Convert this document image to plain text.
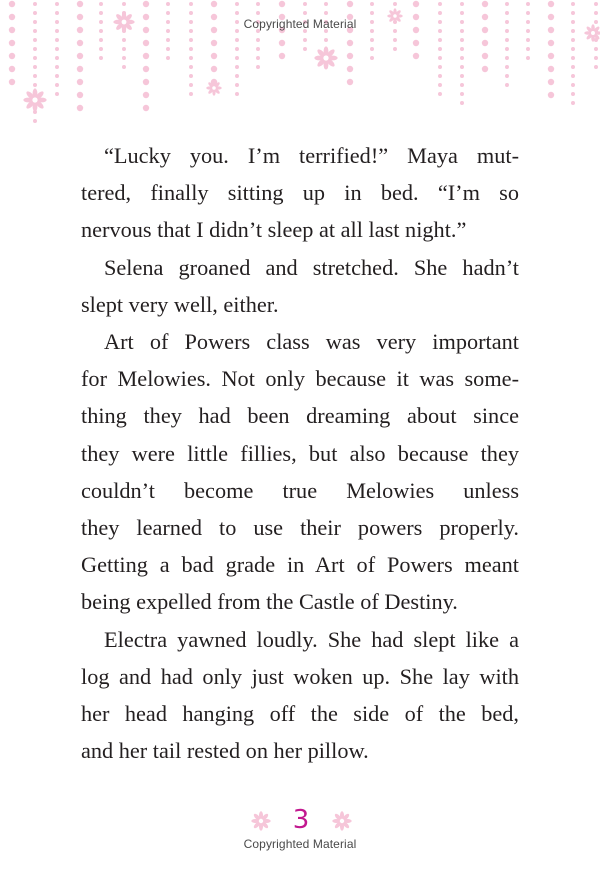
Copyrighted Material

“Lucky you. I’m terrified!” Maya mut-
tered, finally sitting up in bed. “I’m so
nervous that I didn’t sleep at all last night.”

Selena groaned and stretched. She hadn’t
slept very well, either.

Art of Powers class was very important
for Melowies. Not only because it was some-
thing they had been dreaming about since
they were little fillies, but also because they
couldn’t become true Melowies unless
they learned to use their powers properly.
Getting a bad grade in Art of Powers meant
being expelled from the Castle of Destiny.

Electra yawned loudly. She had slept like a
log and had only just woken up. She lay with
her head hanging off the side of the bed,
and her tail rested on her pillow.

3
Copyrighted Material
